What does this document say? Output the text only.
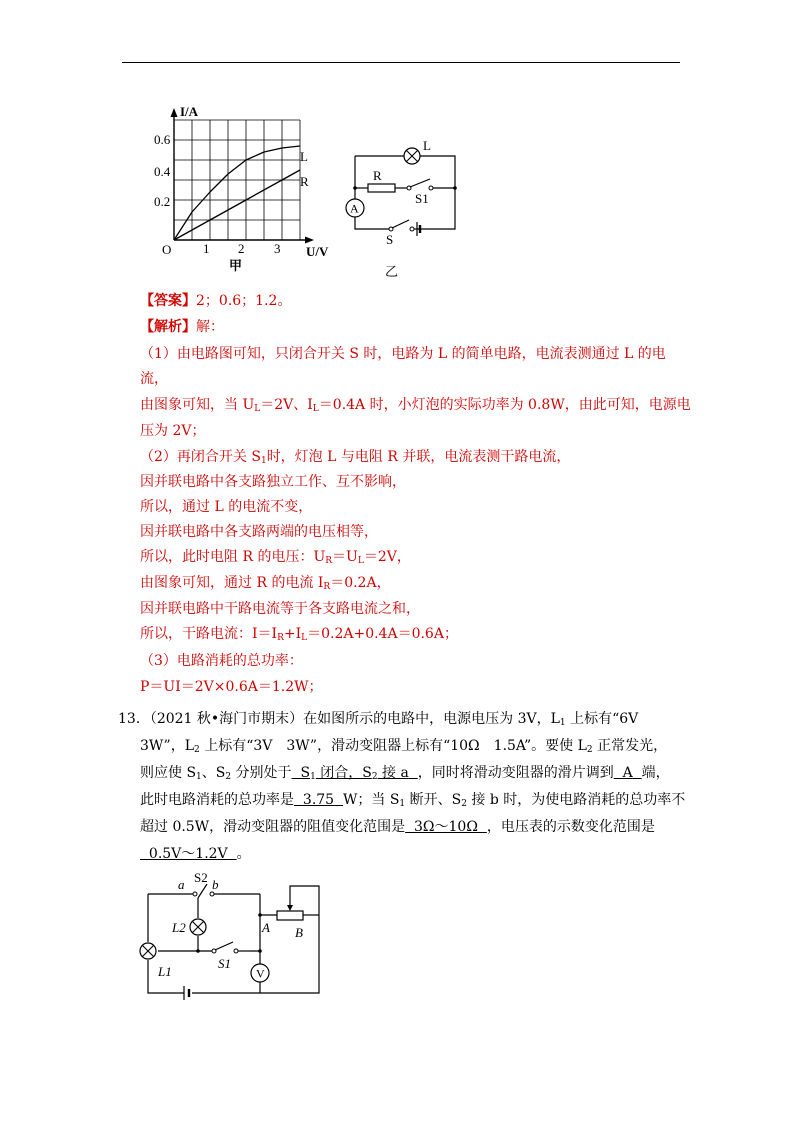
I/A
U/V
O
0.2
0.4
0.6
1 2 3
L
R
甲
L
R
S1
A
S
乙
【答案】2；0.6；1.2。
【解析】解：
（1）由电路图可知，只闭合开关 S 时，电路为 L 的简单电路，电流表测通过 L 的电
流，
由图象可知，当 $U_L=2V$、$I_L=0.4A$ 时，小灯泡的实际功率为 0.8W，由此可知，电源电
压为 2V；
（2）再闭合开关 $S_1$时，灯泡 L 与电阻 R 并联，电流表测干路电流，
因并联电路中各支路独立工作、互不影响，
所以，通过 L 的电流不变，
因并联电路中各支路两端的电压相等，
所以，此时电阻 R 的电压：$U_R=U_L=2V$，
由图象可知，通过 R 的电流 $I_R=0.2A$，
因并联电路中干路电流等于各支路电流之和，
所以，干路电流：$I=I_R+I_L=0.2A+0.4A=0.6A$；
（3）电路消耗的总功率：
P＝UI＝2V×0.6A＝1.2W；
13．（2021 秋•海门市期末）在如图所示的电路中，电源电压为 3V，$L_1$ 上标有“6V
3W”，$L_2$ 上标有“3V　3W”，滑动变阻器上标有“10Ω　1.5A”。要使 $L_2$ 正常发光，
则应使 $S_1$、$S_2$ 分别处于 $S_1$ 闭合，$S_2$ 接 a ，同时将滑动变阻器的滑片调到 A 端，
此时电路消耗的总功率是 3.75 W；当 $S_1$ 断开、$S_2$ 接 b 时，为使电路消耗的总功率不
超过 0.5W，滑动变阻器的阻值变化范围是 3Ω～10Ω ，电压表的示数变化范围是
0.5V～1.2V 。
a S2 b
L2	A B
L1
S1
V
